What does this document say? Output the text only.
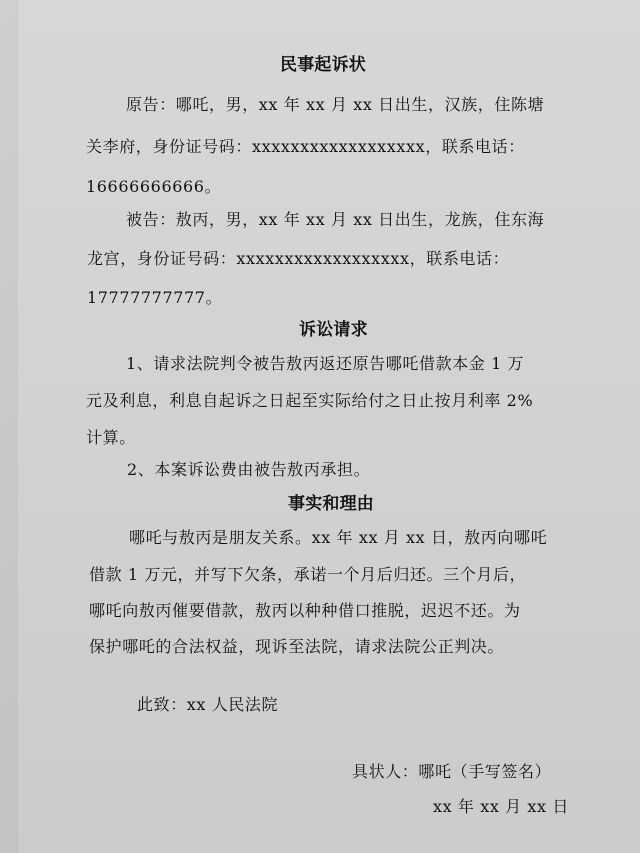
民事起诉状
原告：哪吒，男，xx 年 xx 月 xx 日出生，汉族，住陈塘
关李府，身份证号码：xxxxxxxxxxxxxxxxxx，联系电话：
16666666666。
被告：敖丙，男，xx 年 xx 月 xx 日出生，龙族，住东海
龙宫，身份证号码：xxxxxxxxxxxxxxxxxx，联系电话：
17777777777。
诉讼请求
1、请求法院判令被告敖丙返还原告哪吒借款本金 1 万
元及利息，利息自起诉之日起至实际给付之日止按月利率 2%
计算。
2、本案诉讼费由被告敖丙承担。
事实和理由
哪吒与敖丙是朋友关系。xx 年 xx 月 xx 日，敖丙向哪吒
借款 1 万元，并写下欠条，承诺一个月后归还。三个月后，
哪吒向敖丙催要借款，敖丙以种种借口推脱，迟迟不还。为
保护哪吒的合法权益，现诉至法院，请求法院公正判决。
此致：xx 人民法院
具状人：哪吒（手写签名）
xx 年 xx 月 xx 日
